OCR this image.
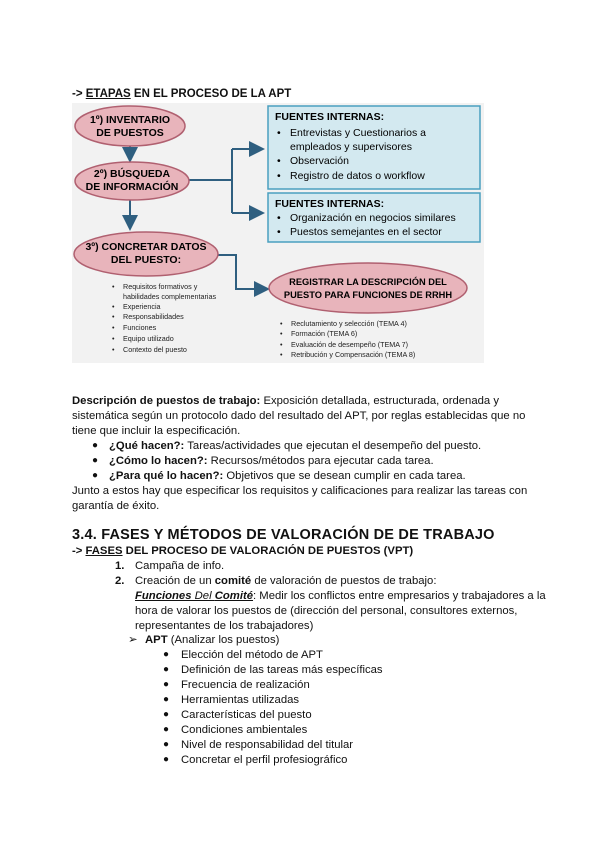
-> ETAPAS EN EL PROCESO DE LA APT
1º) INVENTARIO
DE PUESTOS
2º) BÚSQUEDA
DE INFORMACIÓN
3º) CONCRETAR DATOS
DEL PUESTO:
FUENTES INTERNAS:
• Entrevistas y Cuestionarios a
empleados y supervisores
• Observación
• Registro de datos o workflow
FUENTES INTERNAS:
• Organización en negocios similares
• Puestos semejantes en el sector
REGISTRAR LA DESCRIPCIÓN DEL
PUESTO PARA FUNCIONES DE RRHH
• Requisitos formativos y
habilidades complementarias
• Experiencia
• Responsabilidades
• Funciones
• Equipo utilizado
• Contexto del puesto
• Reclutamiento y selección (TEMA 4)
• Formación (TEMA 6)
• Evaluación de desempeño (TEMA 7)
• Retribución y Compensación (TEMA 8)
Descripción de puestos de trabajo: Exposición detallada, estructurada, ordenada y
sistemática según un protocolo dado del resultado del APT, por reglas establecidas que no
tiene que incluir la especificación.
● ¿Qué hacen?: Tareas/actividades que ejecutan el desempeño del puesto.
● ¿Cómo lo hacen?: Recursos/métodos para ejecutar cada tarea.
● ¿Para qué lo hacen?: Objetivos que se desean cumplir en cada tarea.
Junto a estos hay que especificar los requisitos y calificaciones para realizar las tareas con
garantía de éxito.
3.4. FASES Y MÉTODOS DE VALORACIÓN DE DE TRABAJO
-> FASES DEL PROCESO DE VALORACIÓN DE PUESTOS (VPT)
1. Campaña de info.
2. Creación de un comité de valoración de puestos de trabajo:
Funciones Del Comité: Medir los conflictos entre empresarios y trabajadores a la
hora de valorar los puestos de (dirección del personal, consultores externos,
representantes de los trabajadores)
➢ APT (Analizar los puestos)
● Elección del método de APT
● Definición de las tareas más específicas
● Frecuencia de realización
● Herramientas utilizadas
● Características del puesto
● Condiciones ambientales
● Nivel de responsabilidad del titular
● Concretar el perfil profesiográfico
